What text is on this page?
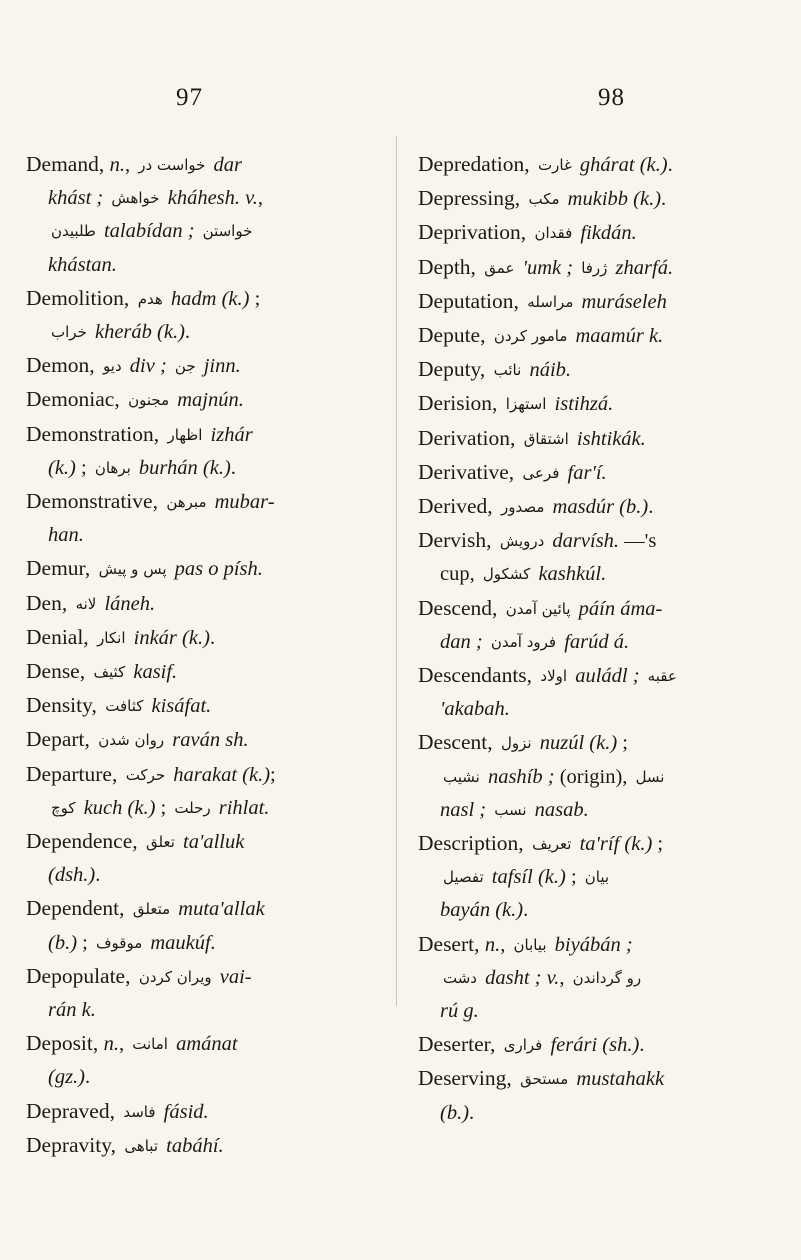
97	98
Demand, n., خواست در dar
khást ; خواهش kháhesh. v.,
طلبیدن talabídan ; خواستن
khástan.
Demolition, هدم hadm (k.) ;
خراب kheráb (k.).
Demon, دیو div ; جن jinn.
Demoniac, مجنون majnún.
Demonstration, اظهار izhár
(k.) ; برهان burhán (k.).
Demonstrative, مبرهن mubar-
han.
Demur, پس و پیش pas o písh.
Den, لانه láneh.
Denial, انکار inkár (k.).
Dense, کثیف kasif.
Density, کثافت kisáfat.
Depart, روان شدن raván sh.
Departure, حرکت harakat (k.);
کوچ kuch (k.) ; رحلت rihlat.
Dependence, تعلق ta'alluk
(dsh.).
Dependent, متعلق muta'allak
(b.) ; موقوف maukúf.
Depopulate, ویران کردن vai-
rán k.
Deposit, n., امانت amánat
(gz.).
Depraved, فاسد fásid.
Depravity, تباهی tabáhí.
Depredation, غارت ghárat (k.).
Depressing, مکب mukibb (k.).
Deprivation, فقدان fikdán.
Depth, عمق 'umk ; ژرفا zharfá.
Deputation, مراسله muráseleh
Depute, مامور کردن maamúr k.
Deputy, نائب náib.
Derision, استهزا istihzá.
Derivation, اشتقاق ishtikák.
Derivative, فرعی far'í.
Derived, مصدور masdúr (b.).
Dervish, درویش darvísh. —'s
cup, کشکول kashkúl.
Descend, پائین آمدن páín áma-
dan ; فرود آمدن farúd á.
Descendants, اولاد auládl ; عقبه
'akabah.
Descent, نزول nuzúl (k.) ;
نشیب nashíb ; (origin), نسل
nasl ; نسب nasab.
Description, تعریف ta'ríf (k.) ;
تفصیل tafsíl (k.) ; بیان
bayán (k.).
Desert, n., بیابان biyábán ;
دشت dasht ; v., رو گرداندن
rú g.
Deserter, فراری ferári (sh.).
Deserving, مستحق mustahakk
(b.).
